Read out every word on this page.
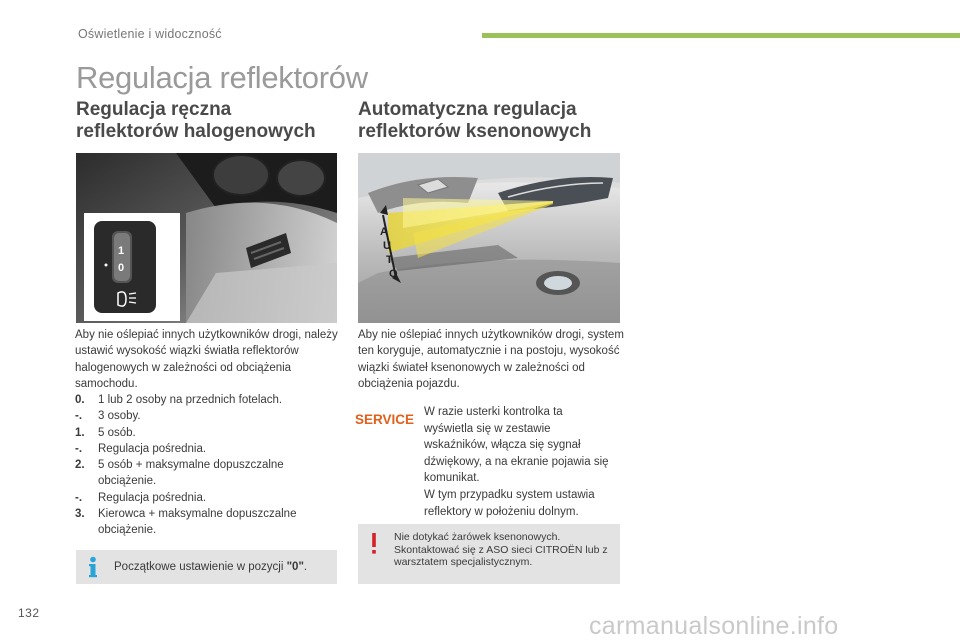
Oświetlenie i widoczność
Regulacja reflektorów
Regulacja ręczna
reflektorów halogenowych
Automatyczna regulacja
reflektorów ksenonowych
1
0
A
U
T
O
Aby nie oślepiać innych użytkowników drogi, należy ustawić wysokość wiązki światła reflektorów halogenowych w zależności od obciążenia samochodu.
0.	1 lub 2 osoby na przednich fotelach.
-.	3 osoby.
1.	5 osób.
-.	Regulacja pośrednia.
2.	5 osób + maksymalne dopuszczalne obciążenie.
-.	Regulacja pośrednia.
3.	Kierowca + maksymalne dopuszczalne obciążenie.
Początkowe ustawienie w pozycji "0".
Aby nie oślepiać innych użytkowników drogi, system ten koryguje, automatycznie i na postoju, wysokość wiązki świateł ksenonowych w zależności od obciążenia pojazdu.
SERVICE W razie usterki kontrolka ta wyświetla się w zestawie wskaźników, włącza się sygnał dźwiękowy, a na ekranie pojawia się komunikat.
W tym przypadku system ustawia reflektory w położeniu dolnym.
Nie dotykać żarówek ksenonowych. Skontaktować się z ASO sieci CITROËN lub z warsztatem specjalistycznym.
132	carmanualsonline.info
